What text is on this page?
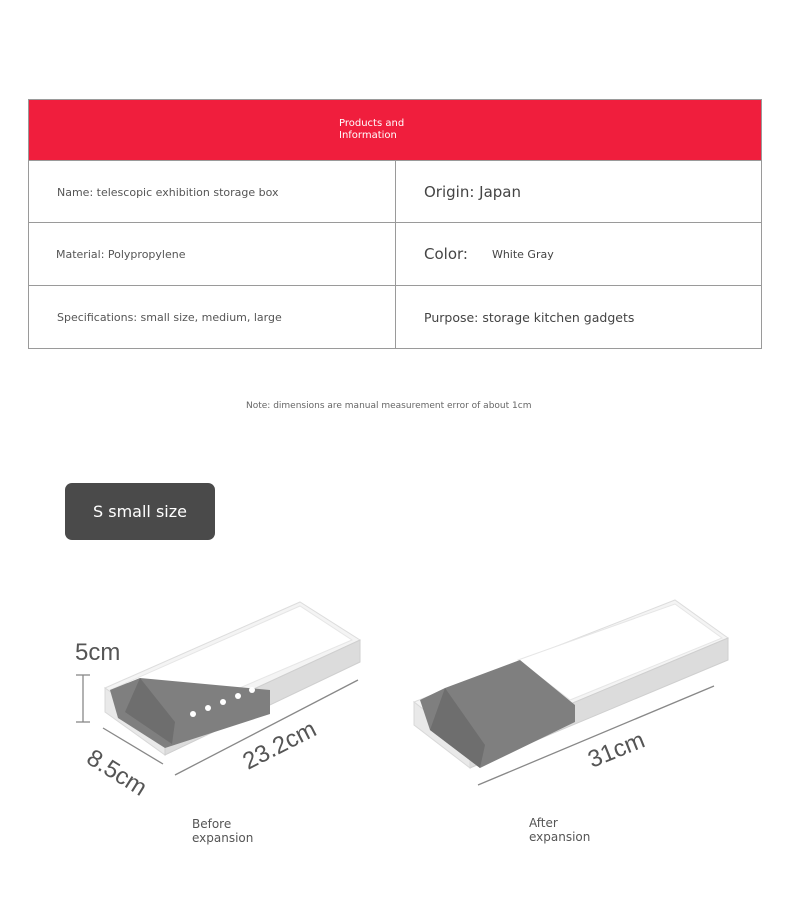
Products and
Information
Name: telescopic exhibition storage box	Origin: Japan
Material: Polypropylene	Color: White Gray
Specifications: small size, medium, large	Purpose: storage kitchen gadgets
Note: dimensions are manual measurement error of about 1cm
S small size
5cm
8.5cm	23.2cm	31cm
Before
expansion
After
expansion
